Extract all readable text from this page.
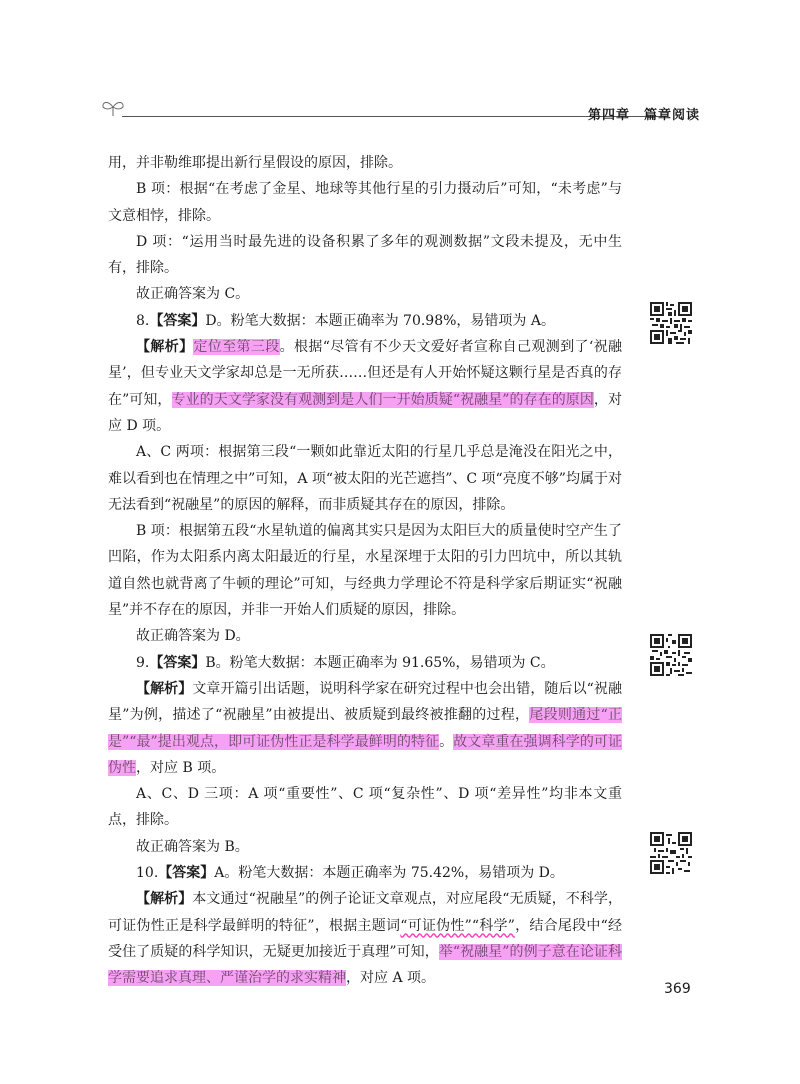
第四章 篇章阅读

用，并非勒维耶提出新行星假设的原因，排除。

B 项：根据“在考虑了金星、地球等其他行星的引力摄动后”可知，“未考虑”与文意相悖，排除。

D 项：“运用当时最先进的设备积累了多年的观测数据”文段未提及，无中生有，排除。

故正确答案为 C。

8.【答案】D。粉笔大数据：本题正确率为 70.98%，易错项为 A。

【解析】定位至第三段。根据“尽管有不少天文爱好者宣称自己观测到了‘祝融星’，但专业天文学家却总是一无所获……但还是有人开始怀疑这颗行星是否真的存在”可知，专业的天文学家没有观测到是人们一开始质疑“祝融星”的存在的原因，对应 D 项。

A、C 两项：根据第三段“一颗如此靠近太阳的行星几乎总是淹没在阳光之中，难以看到也在情理之中”可知，A 项“被太阳的光芒遮挡”、C 项“亮度不够”均属于对无法看到“祝融星”的原因的解释，而非质疑其存在的原因，排除。

B 项：根据第五段“水星轨道的偏离其实只是因为太阳巨大的质量使时空产生了凹陷，作为太阳系内离太阳最近的行星，水星深埋于太阳的引力凹坑中，所以其轨道自然也就背离了牛顿的理论”可知，与经典力学理论不符是科学家后期证实“祝融星”并不存在的原因，并非一开始人们质疑的原因，排除。

故正确答案为 D。

9.【答案】B。粉笔大数据：本题正确率为 91.65%，易错项为 C。

【解析】文章开篇引出话题，说明科学家在研究过程中也会出错，随后以“祝融星”为例，描述了“祝融星”由被提出、被质疑到最终被推翻的过程，尾段则通过“正是”“最”提出观点，即可证伪性正是科学最鲜明的特征。故文章重在强调科学的可证伪性，对应 B 项。

A、C、D 三项：A 项“重要性”、C 项“复杂性”、D 项“差异性”均非本文重点，排除。

故正确答案为 B。

10.【答案】A。粉笔大数据：本题正确率为 75.42%，易错项为 D。

【解析】本文通过“祝融星”的例子论证文章观点，对应尾段“无质疑，不科学，可证伪性正是科学最鲜明的特征”，根据主题词“可证伪性”“科学”，结合尾段中“经受住了质疑的科学知识，无疑更加接近于真理”可知，举“祝融星”的例子意在论证科学需要追求真理、严谨治学的求实精神，对应 A 项。

369
